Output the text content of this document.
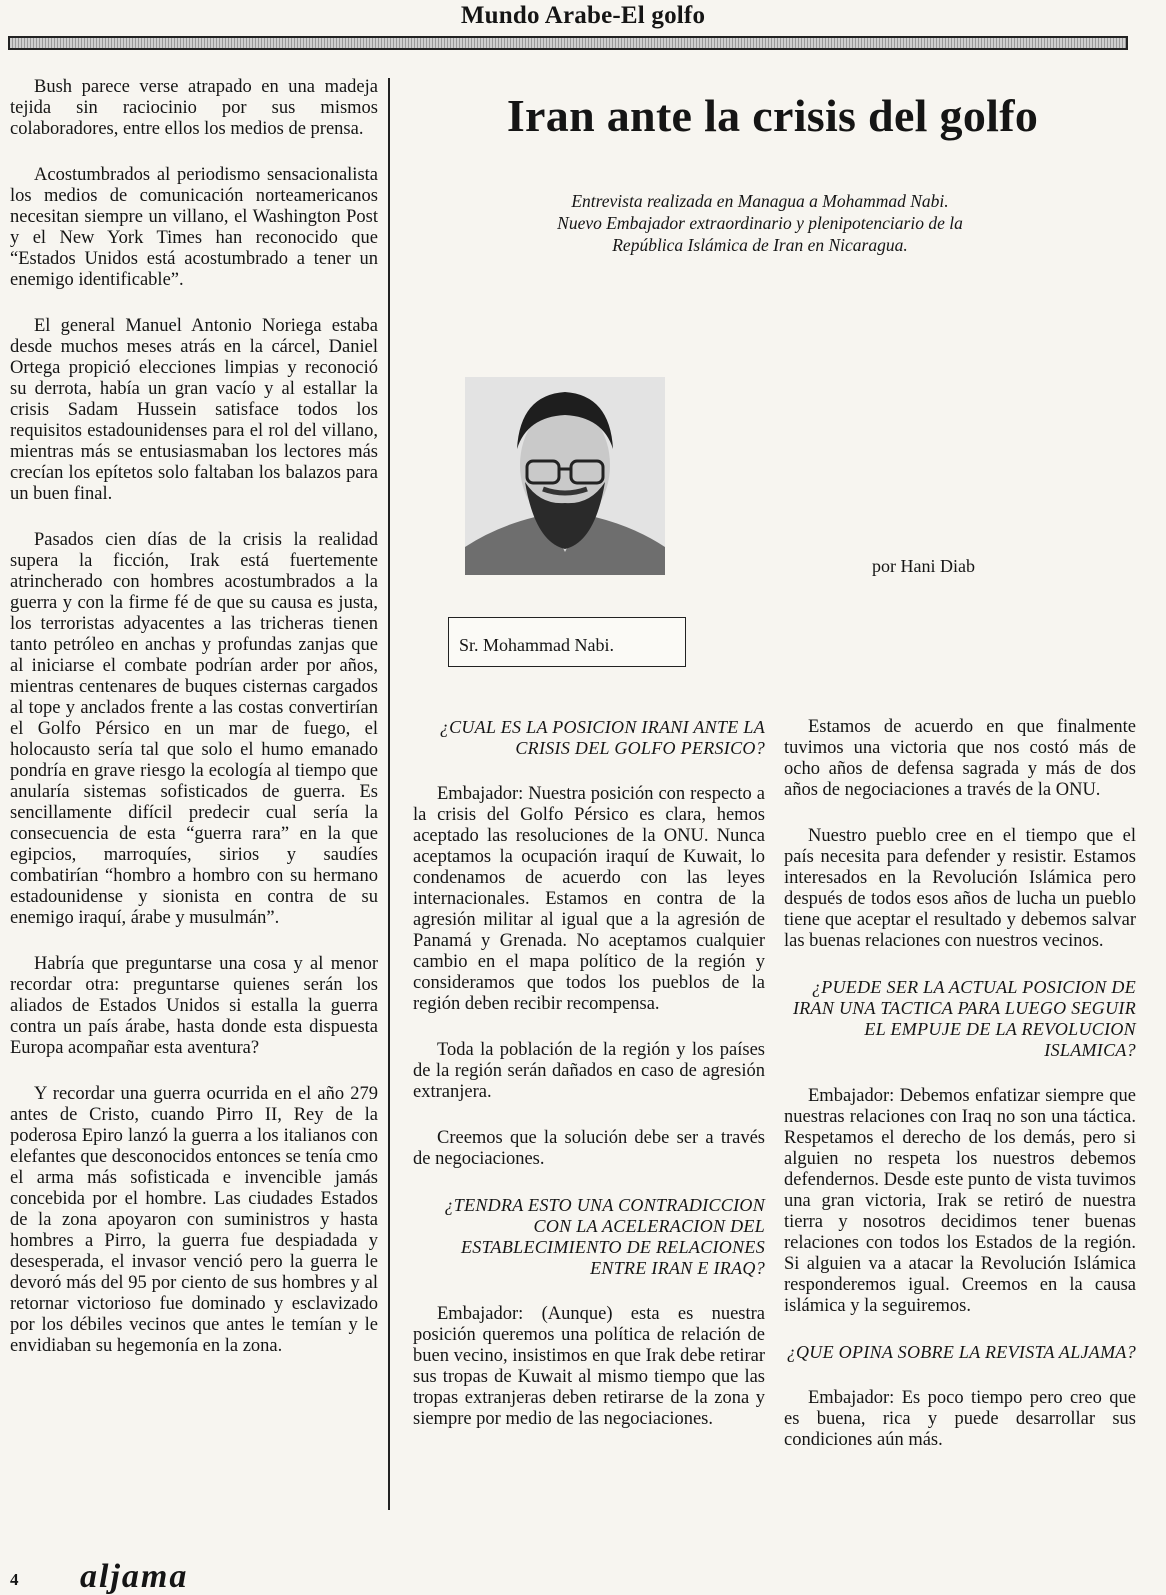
Mundo Arabe-El golfo

Bush parece verse atrapado en una madeja tejida sin raciocinio por sus mismos colaboradores, entre ellos los medios de prensa.

Acostumbrados al periodismo sensacionalista los medios de comunicación norteamericanos necesitan siempre un villano, el Washington Post y el New York Times han reconocido que “Estados Unidos está acostumbrado a tener un enemigo identificable”.

El general Manuel Antonio Noriega estaba desde muchos meses atrás en la cárcel, Daniel Ortega propició elecciones limpias y reconoció su derrota, había un gran vacío y al estallar la crisis Sadam Hussein satisface todos los requisitos estadounidenses para el rol del villano, mientras más se entusiasmaban los lectores más crecían los epítetos solo faltaban los balazos para un buen final.

Pasados cien días de la crisis la realidad supera la ficción, Irak está fuertemente atrincherado con hombres acostumbrados a la guerra y con la firme fé de que su causa es justa, los terroristas adyacentes a las tricheras tienen tanto petróleo en anchas y profundas zanjas que al iniciarse el combate podrían arder por años, mientras centenares de buques cisternas cargados al tope y anclados frente a las costas convertirían el Golfo Pérsico en un mar de fuego, el holocausto sería tal que solo el humo emanado pondría en grave riesgo la ecología al tiempo que anularía sistemas sofisticados de guerra. Es sencillamente difícil predecir cual sería la consecuencia de esta “guerra rara” en la que egipcios, marroquíes, sirios y saudíes combatirían “hombro a hombro con su hermano estadounidense y sionista en contra de su enemigo iraquí, árabe y musulmán”.

Habría que preguntarse una cosa y al menor recordar otra: preguntarse quienes serán los aliados de Estados Unidos si estalla la guerra contra un país árabe, hasta donde esta dispuesta Europa acompañar esta aventura?

Y recordar una guerra ocurrida en el año 279 antes de Cristo, cuando Pirro II, Rey de la poderosa Epiro lanzó la guerra a los italianos con elefantes que desconocidos entonces se tenía cmo el arma más sofisticada e invencible jamás concebida por el hombre. Las ciudades Estados de la zona apoyaron con suministros y hasta hombres a Pirro, la guerra fue despiadada y desesperada, el invasor venció pero la guerra le devoró más del 95 por ciento de sus hombres y al retornar victorioso fue dominado y esclavizado por los débiles vecinos que antes le temían y le envidiaban su hegemonía en la zona.

Iran ante la crisis del golfo
Entrevista realizada en Managua a Mohammad Nabi.
Nuevo Embajador extraordinario y plenipotenciario de la
República Islámica de Iran en Nicaragua.
Sr. Mohammad Nabi.
por Hani Diab

¿CUAL ES LA POSICION IRANI ANTE LA CRISIS DEL GOLFO PERSICO?

Embajador: Nuestra posición con respecto a la crisis del Golfo Pérsico es clara, hemos aceptado las resoluciones de la ONU. Nunca aceptamos la ocupación iraquí de Kuwait, lo condenamos de acuerdo con las leyes internacionales. Estamos en contra de la agresión militar al igual que a la agresión de Panamá y Grenada. No aceptamos cualquier cambio en el mapa político de la región y consideramos que todos los pueblos de la región deben recibir recompensa.

Toda la población de la región y los países de la región serán dañados en caso de agresión extranjera.

Creemos que la solución debe ser a través de negociaciones.

¿TENDRA ESTO UNA CONTRADICCION CON LA ACELERACION DEL ESTABLECIMIENTO DE RELACIONES ENTRE IRAN E IRAQ?

Embajador: (Aunque) esta es nuestra posición queremos una política de relación de buen vecino, insistimos en que Irak debe retirar sus tropas de Kuwait al mismo tiempo que las tropas extranjeras deben retirarse de la zona y siempre por medio de las negociaciones.

Estamos de acuerdo en que finalmente tuvimos una victoria que nos costó más de ocho años de defensa sagrada y más de dos años de negociaciones a través de la ONU.

Nuestro pueblo cree en el tiempo que el país necesita para defender y resistir. Estamos interesados en la Revolución Islámica pero después de todos esos años de lucha un pueblo tiene que aceptar el resultado y debemos salvar las buenas relaciones con nuestros vecinos.

¿PUEDE SER LA ACTUAL POSICION DE IRAN UNA TACTICA PARA LUEGO SEGUIR EL EMPUJE DE LA REVOLUCION ISLAMICA?

Embajador: Debemos enfatizar siempre que nuestras relaciones con Iraq no son una táctica. Respetamos el derecho de los demás, pero si alguien no respeta los nuestros debemos defendernos. Desde este punto de vista tuvimos una gran victoria, Irak se retiró de nuestra tierra y nosotros decidimos tener buenas relaciones con todos los Estados de la región. Si alguien va a atacar la Revolución Islámica responderemos igual. Creemos en la causa islámica y la seguiremos.

¿QUE OPINA SOBRE LA REVISTA ALJAMA?

Embajador: Es poco tiempo pero creo que es buena, rica y puede desarrollar sus condiciones aún más.

4 aljama
